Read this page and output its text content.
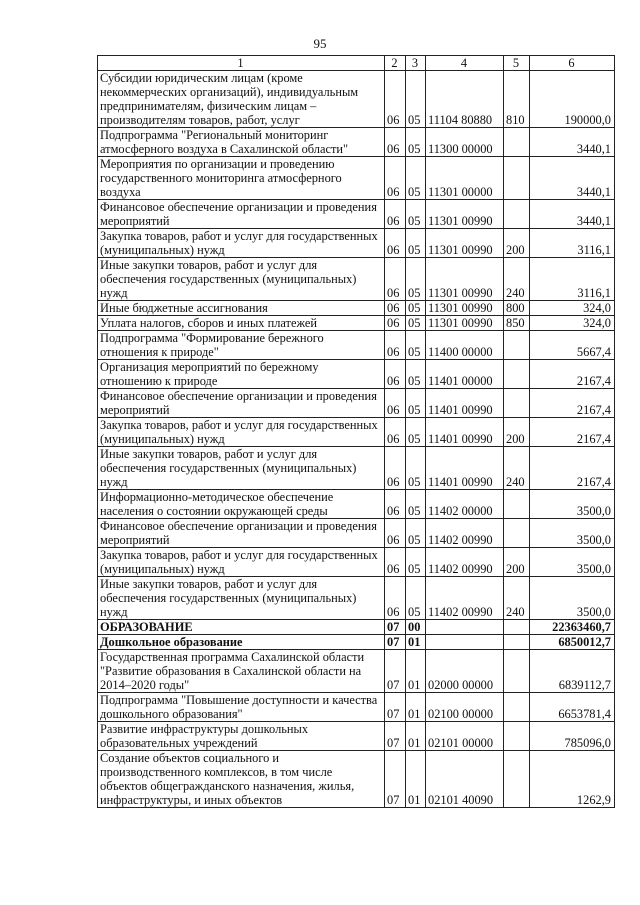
95
1	2	3	4	5	6
Субсидии юридическим лицам (кроме некоммерческих организаций), индивидуальным предпринимателям, физическим лицам – производителям товаров, работ, услуг	06	05	11104 80880	810	190000,0
Подпрограмма "Региональный мониторинг атмосферного воздуха в Сахалинской области"	06	05	11300 00000		3440,1
Мероприятия по организации и проведению государственного мониторинга атмосферного воздуха	06	05	11301 00000		3440,1
Финансовое обеспечение организации и проведения мероприятий	06	05	11301 00990		3440,1
Закупка товаров, работ и услуг для государственных (муниципальных) нужд	06	05	11301 00990	200	3116,1
Иные закупки товаров, работ и услуг для обеспечения государственных (муниципальных) нужд	06	05	11301 00990	240	3116,1
Иные бюджетные ассигнования	06	05	11301 00990	800	324,0
Уплата налогов, сборов и иных платежей	06	05	11301 00990	850	324,0
Подпрограмма "Формирование бережного отношения к природе"	06	05	11400 00000		5667,4
Организация мероприятий по бережному отношению к природе	06	05	11401 00000		2167,4
Финансовое обеспечение организации и проведения мероприятий	06	05	11401 00990		2167,4
Закупка товаров, работ и услуг для государственных (муниципальных) нужд	06	05	11401 00990	200	2167,4
Иные закупки товаров, работ и услуг для обеспечения государственных (муниципальных) нужд	06	05	11401 00990	240	2167,4
Информационно-методическое обеспечение населения о состоянии окружающей среды	06	05	11402 00000		3500,0
Финансовое обеспечение организации и проведения мероприятий	06	05	11402 00990		3500,0
Закупка товаров, работ и услуг для государственных (муниципальных) нужд	06	05	11402 00990	200	3500,0
Иные закупки товаров, работ и услуг для обеспечения государственных (муниципальных) нужд	06	05	11402 00990	240	3500,0
ОБРАЗОВАНИЕ	07	00			22363460,7
Дошкольное образование	07	01			6850012,7
Государственная программа Сахалинской области "Развитие образования в Сахалинской области на 2014–2020 годы"	07	01	02000 00000		6839112,7
Подпрограмма "Повышение доступности и качества дошкольного образования"	07	01	02100 00000		6653781,4
Развитие инфраструктуры дошкольных образовательных учреждений	07	01	02101 00000		785096,0
Создание объектов социального и производственного комплексов, в том числе объектов общегражданского назначения, жилья, инфраструктуры, и иных объектов	07	01	02101 40090		1262,9
